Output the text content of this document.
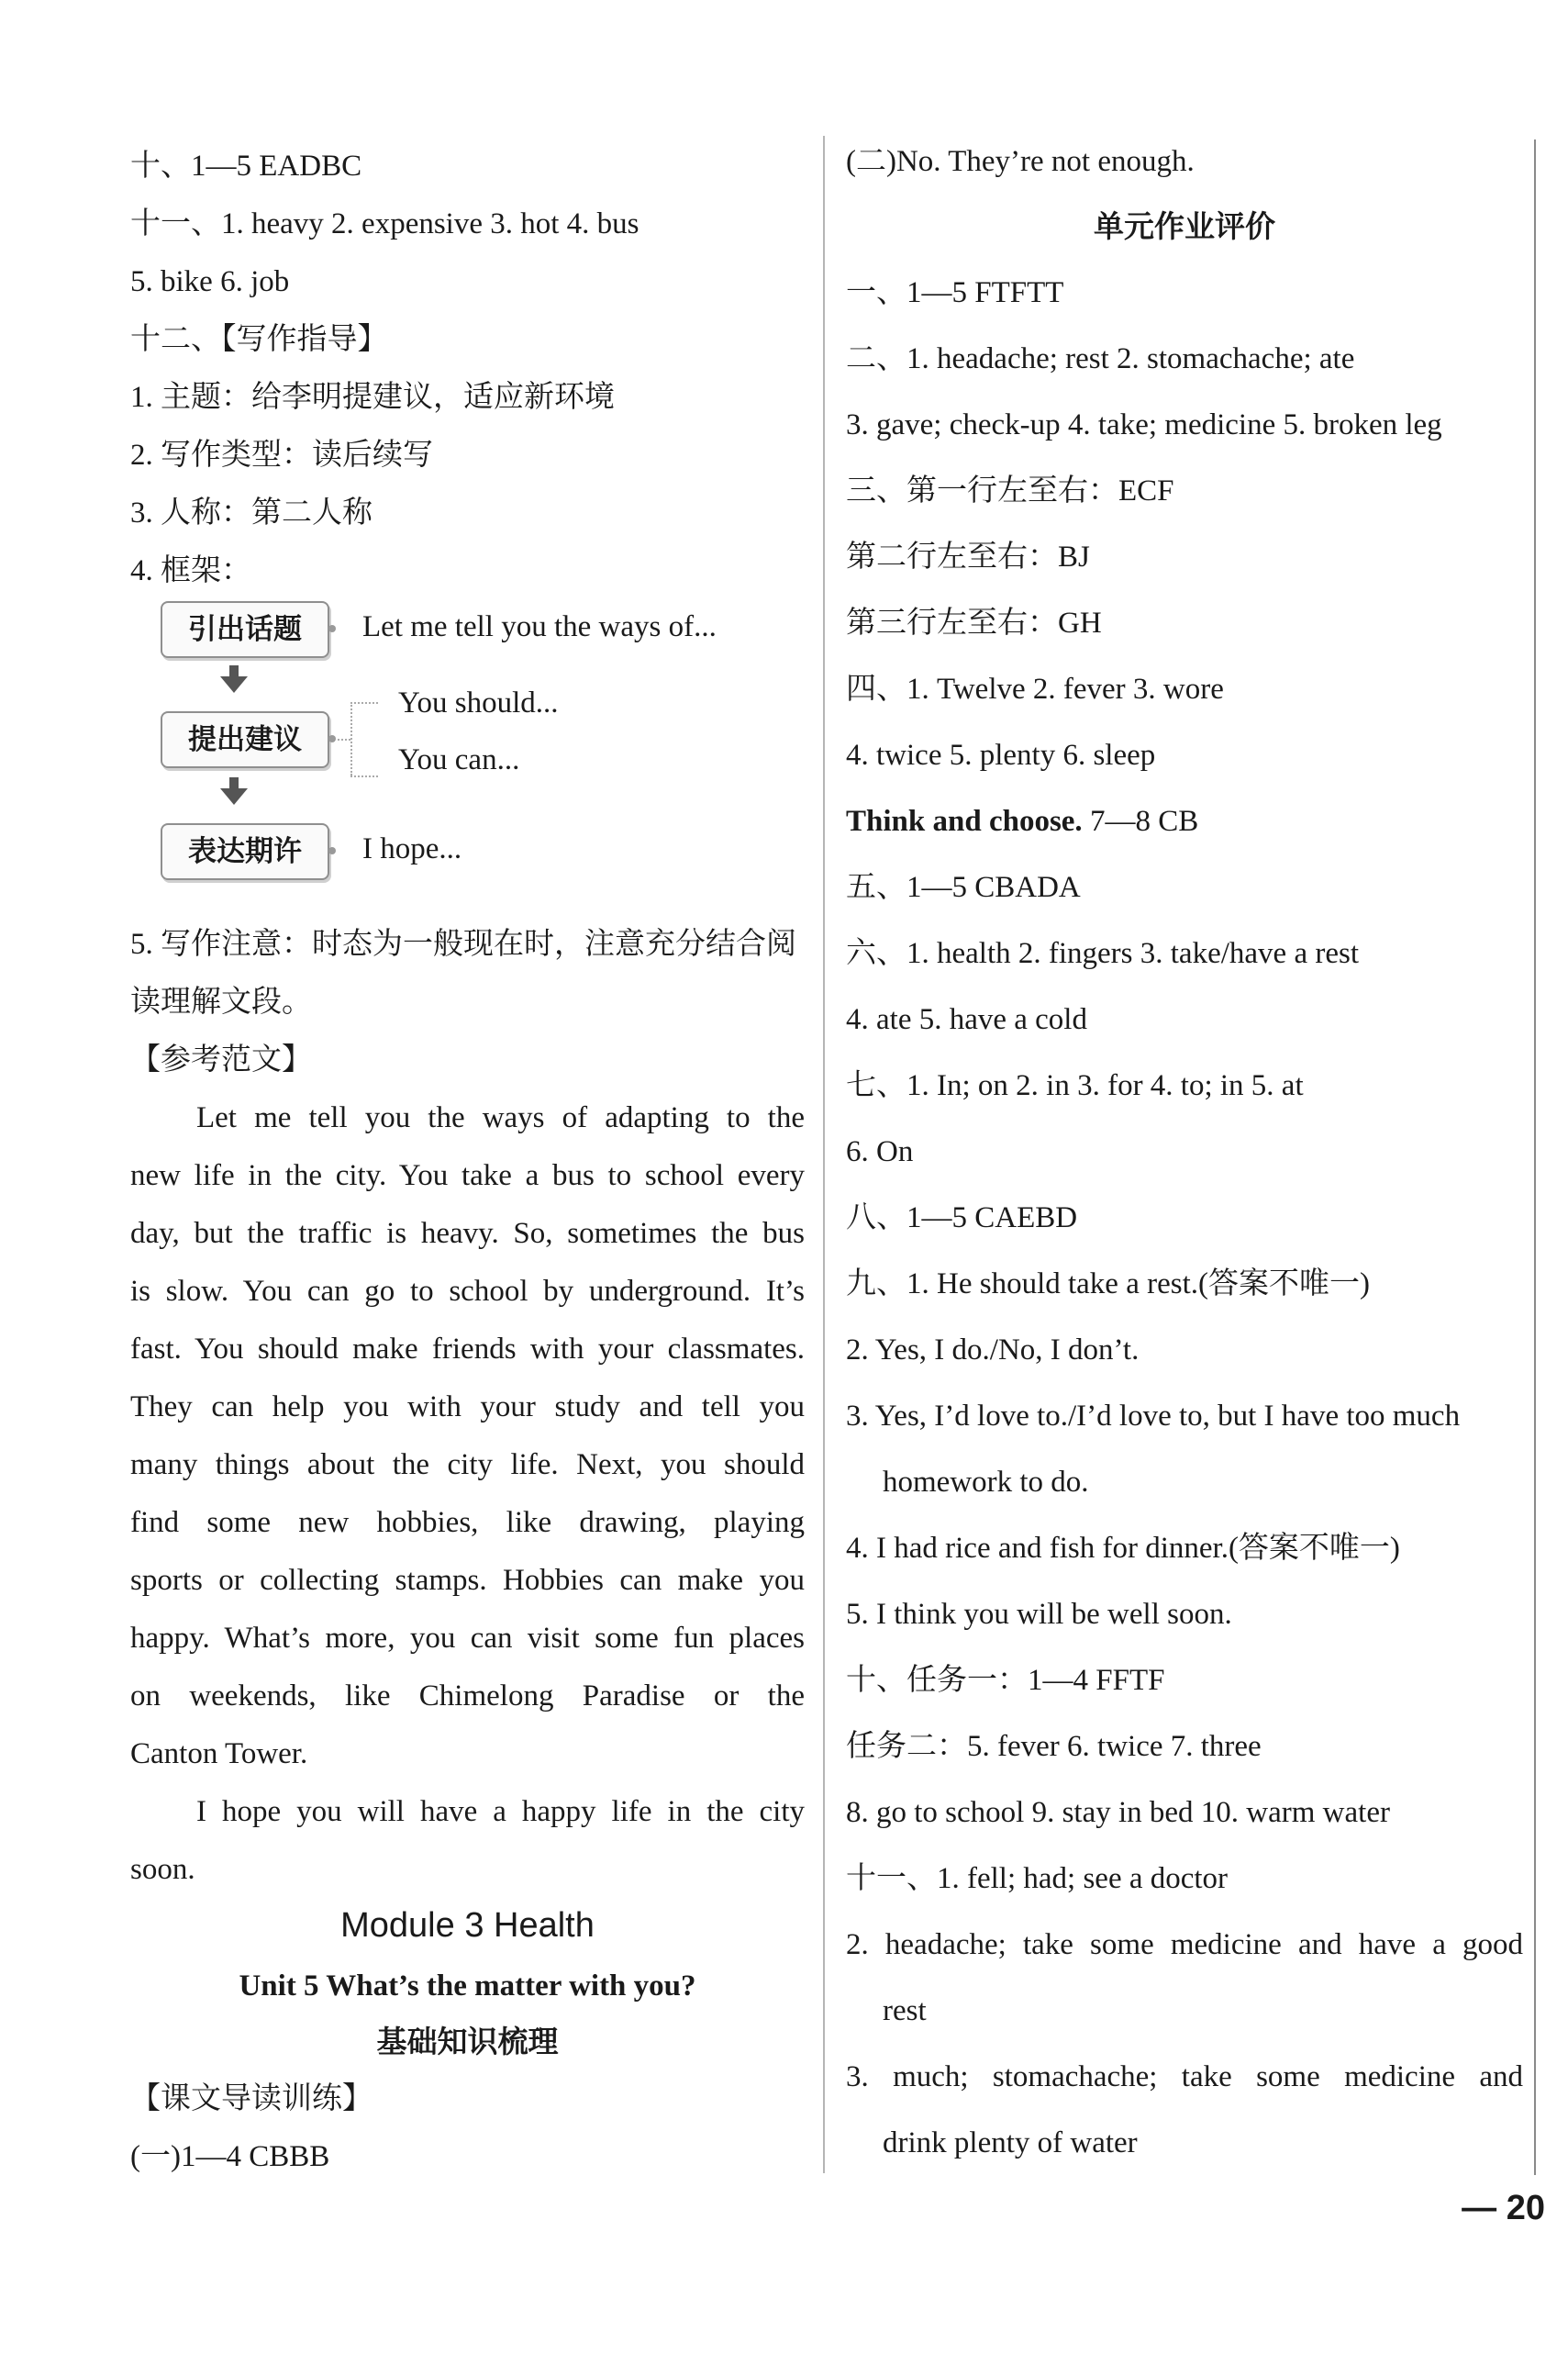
十、1—5 EADBC
十一、1. heavy 2. expensive 3. hot 4. bus
5. bike 6. job
十二、【写作指导】
1. 主题：给李明提建议，适应新环境
2. 写作类型：读后续写
3. 人称：第二人称
4. 框架：
引出话题	Let me tell you the ways of...
提出建议
You should...
You can...
表达期许	I hope...
5. 写作注意：时态为一般现在时，注意充分结合阅
读理解文段。
【参考范文】
Let me tell you the ways of adapting to the
new life in the city. You take a bus to school every
day, but the traffic is heavy. So, sometimes the bus
is slow. You can go to school by underground. It’s
fast. You should make friends with your classmates.
They can help you with your study and tell you
many things about the city life. Next, you should
find some new hobbies, like drawing, playing
sports or collecting stamps. Hobbies can make you
happy. What’s more, you can visit some fun places
on weekends, like Chimelong Paradise or the
Canton Tower.
I hope you will have a happy life in the city
soon.
Module 3 Health
Unit 5 What’s the matter with you?
基础知识梳理
【课文导读训练】
(一)1—4 CBBB
(二)No. They’re not enough.
单元作业评价
一、1—5 FTFTT
二、1. headache; rest 2. stomachache; ate
3. gave; check-up 4. take; medicine 5. broken leg
三、第一行左至右：ECF
第二行左至右：BJ
第三行左至右：GH
四、1. Twelve 2. fever 3. wore
4. twice 5. plenty 6. sleep
Think and choose. 7—8 CB
五、1—5 CBADA
六、1. health 2. fingers 3. take/have a rest
4. ate 5. have a cold
七、1. In; on 2. in 3. for 4. to; in 5. at
6. On
八、1—5 CAEBD
九、1. He should take a rest.(答案不唯一)
2. Yes, I do./No, I don’t.
3. Yes, I’d love to./I’d love to, but I have too much
homework to do.
4. I had rice and fish for dinner.(答案不唯一)
5. I think you will be well soon.
十、任务一：1—4 FFTF
任务二：5. fever 6. twice 7. three
8. go to school 9. stay in bed 10. warm water
十一、1. fell; had; see a doctor
2. headache; take some medicine and have a good
rest
3. much; stomachache; take some medicine and
drink plenty of water
— 20
